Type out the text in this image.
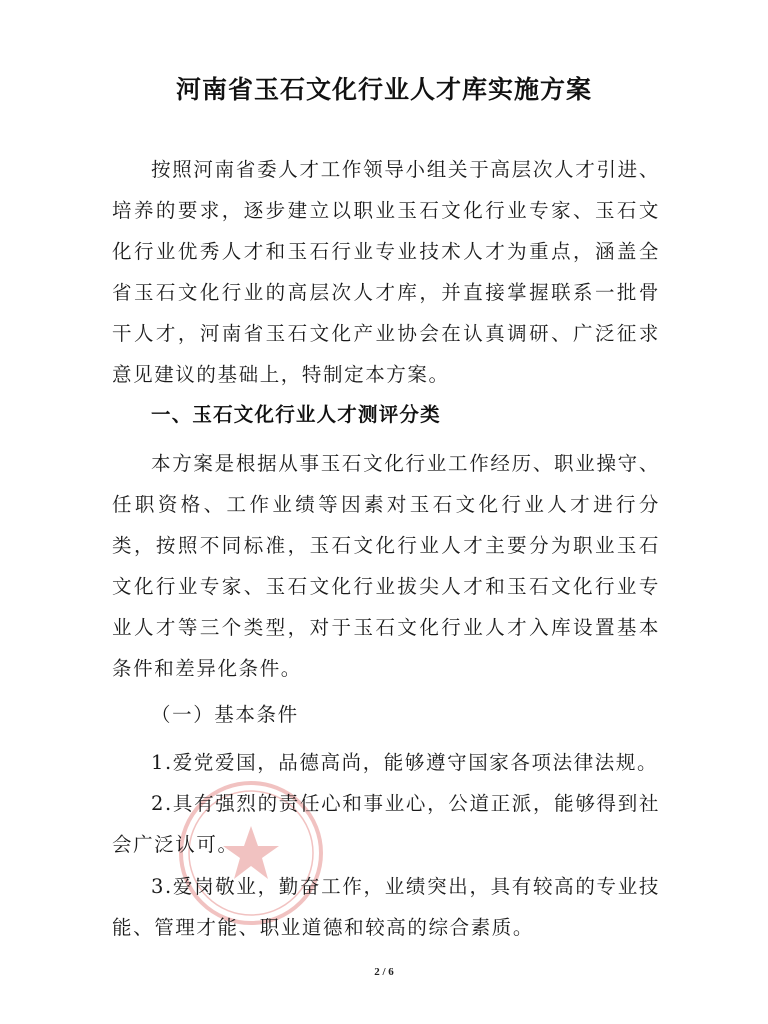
河南省玉石文化行业人才库实施方案

按照河南省委人才工作领导小组关于高层次人才引进、培养的要求，逐步建立以职业玉石文化行业专家、玉石文化行业优秀人才和玉石行业专业技术人才为重点，涵盖全省玉石文化行业的高层次人才库，并直接掌握联系一批骨干人才，河南省玉石文化产业协会在认真调研、广泛征求意见建议的基础上，特制定本方案。

一、玉石文化行业人才测评分类

本方案是根据从事玉石文化行业工作经历、职业操守、任职资格、工作业绩等因素对玉石文化行业人才进行分类，按照不同标准，玉石文化行业人才主要分为职业玉石文化行业专家、玉石文化行业拔尖人才和玉石文化行业专业人才等三个类型，对于玉石文化行业人才入库设置基本条件和差异化条件。

（一）基本条件

1.爱党爱国，品德高尚，能够遵守国家各项法律法规。

2.具有强烈的责任心和事业心，公道正派，能够得到社会广泛认可。

3.爱岗敬业，勤奋工作，业绩突出，具有较高的专业技能、管理才能、职业道德和较高的综合素质。

2 / 6
